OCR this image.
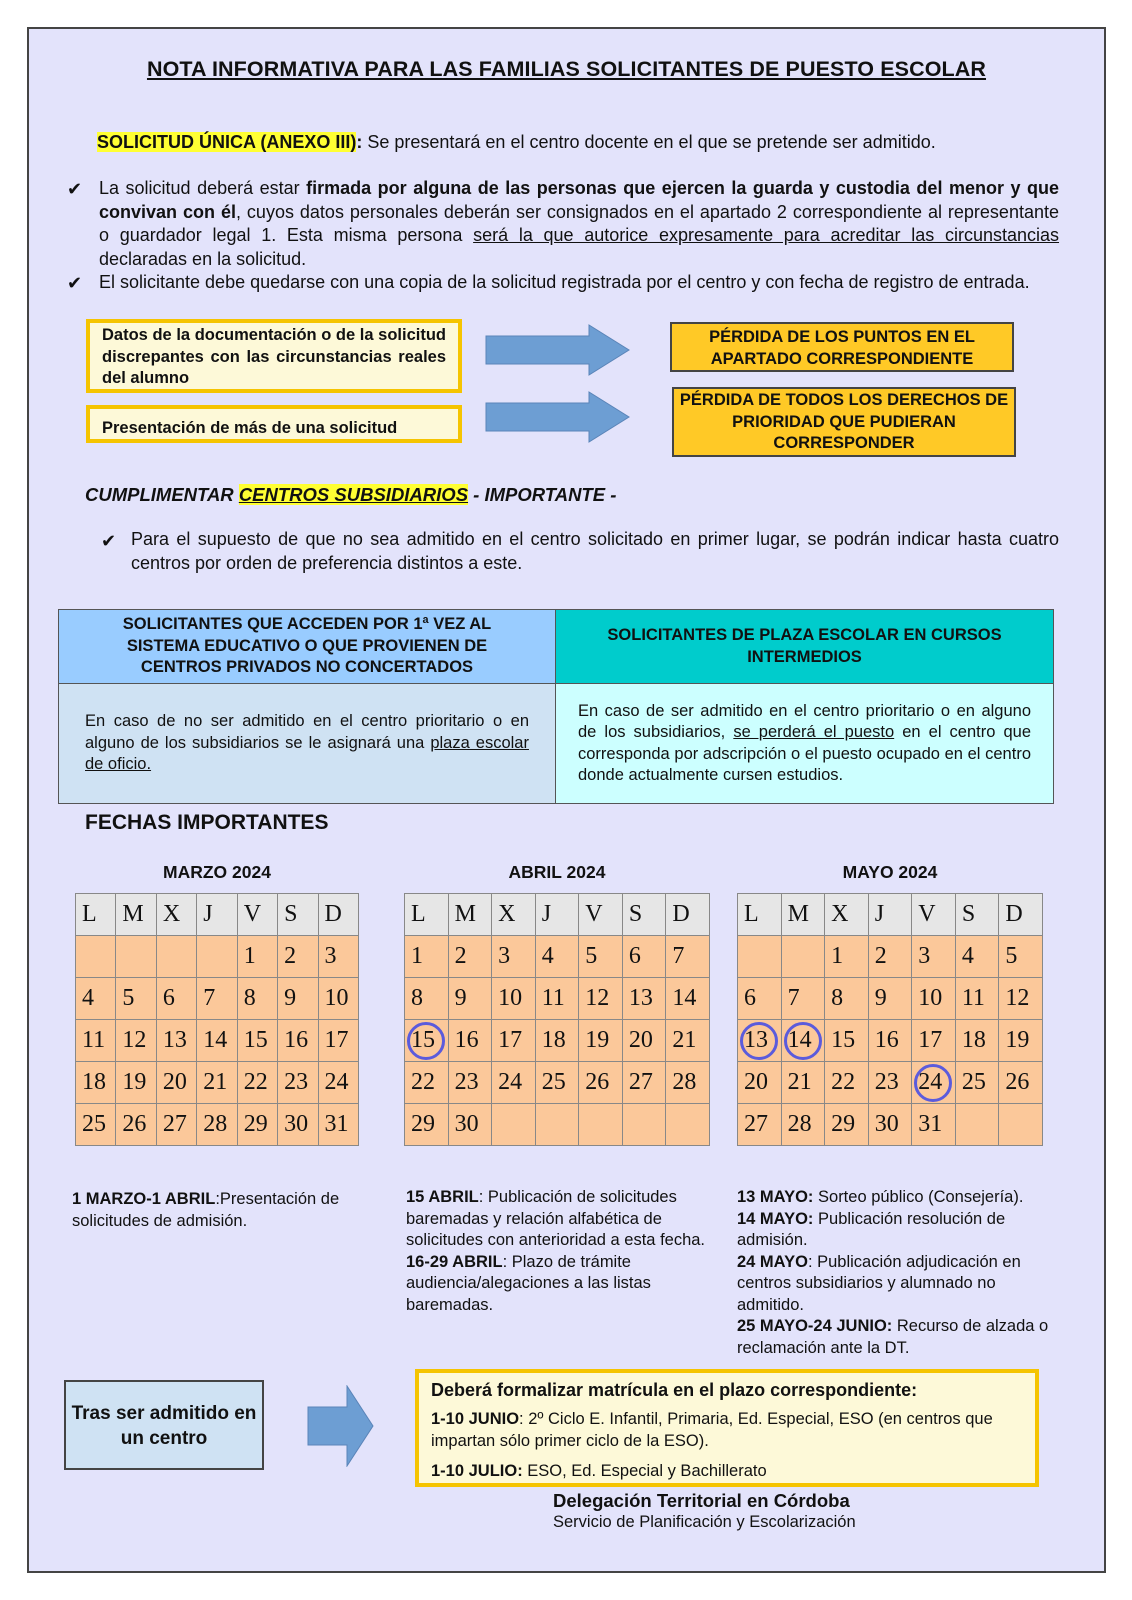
NOTA INFORMATIVA PARA LAS FAMILIAS SOLICITANTES DE PUESTO ESCOLAR
SOLICITUD ÚNICA (ANEXO III): Se presentará en el centro docente en el que se pretende ser admitido.
✔ La solicitud deberá estar firmada por alguna de las personas que ejercen la guarda y custodia del menor y que convivan con él, cuyos datos personales deberán ser consignados en el apartado 2 correspondiente al representante o guardador legal 1. Esta misma persona será la que autorice expresamente para acreditar las circunstancias declaradas en la solicitud.
✔ El solicitante debe quedarse con una copia de la solicitud registrada por el centro y con fecha de registro de entrada.
Datos de la documentación o de la solicitud discrepantes con las circunstancias reales del alumno
PÉRDIDA DE LOS PUNTOS EN EL APARTADO CORRESPONDIENTE
Presentación de más de una solicitud
PÉRDIDA DE TODOS LOS DERECHOS DE PRIORIDAD QUE PUDIERAN CORRESPONDER
CUMPLIMENTAR CENTROS SUBSIDIARIOS - IMPORTANTE -
✔ Para el supuesto de que no sea admitido en el centro solicitado en primer lugar, se podrán indicar hasta cuatro centros por orden de preferencia distintos a este.
SOLICITANTES QUE ACCEDEN POR 1ª VEZ AL SISTEMA EDUCATIVO O QUE PROVIENEN DE CENTROS PRIVADOS NO CONCERTADOS	SOLICITANTES DE PLAZA ESCOLAR EN CURSOS INTERMEDIOS
En caso de no ser admitido en el centro prioritario o en alguno de los subsidiarios se le asignará una plaza escolar de oficio.	En caso de ser admitido en el centro prioritario o en alguno de los subsidiarios, se perderá el puesto en el centro que corresponda por adscripción o el puesto ocupado en el centro donde actualmente cursen estudios.
FECHAS IMPORTANTES
MARZO 2024	ABRIL 2024	MAYO 2024
L	M	X	J	V	S	D
				1	2	3
4	5	6	7	8	9	10
11	12	13	14	15	16	17
18	19	20	21	22	23	24
25	26	27	28	29	30	31
L	M	X	J	V	S	D
1	2	3	4	5	6	7
8	9	10	11	12	13	14
15	16	17	18	19	20	21
22	23	24	25	26	27	28
29	30					
L	M	X	J	V	S	D
		1	2	3	4	5
6	7	8	9	10	11	12
13	14	15	16	17	18	19
20	21	22	23	24	25	26
27	28	29	30	31		
1 MARZO-1 ABRIL:Presentación de solicitudes de admisión.
15 ABRIL: Publicación de solicitudes baremadas y relación alfabética de solicitudes con anterioridad a esta fecha.
16-29 ABRIL: Plazo de trámite audiencia/alegaciones a las listas baremadas.
13 MAYO: Sorteo público (Consejería).
14 MAYO: Publicación resolución de admisión.
24 MAYO: Publicación adjudicación en centros subsidiarios y alumnado no admitido.
25 MAYO-24 JUNIO: Recurso de alzada o reclamación ante la DT.
Tras ser admitido en un centro
Deberá formalizar matrícula en el plazo correspondiente:
1-10 JUNIO: 2º Ciclo E. Infantil, Primaria, Ed. Especial, ESO (en centros que impartan sólo primer ciclo de la ESO).
1-10 JULIO: ESO, Ed. Especial y Bachillerato
Delegación Territorial en Córdoba
Servicio de Planificación y Escolarización
